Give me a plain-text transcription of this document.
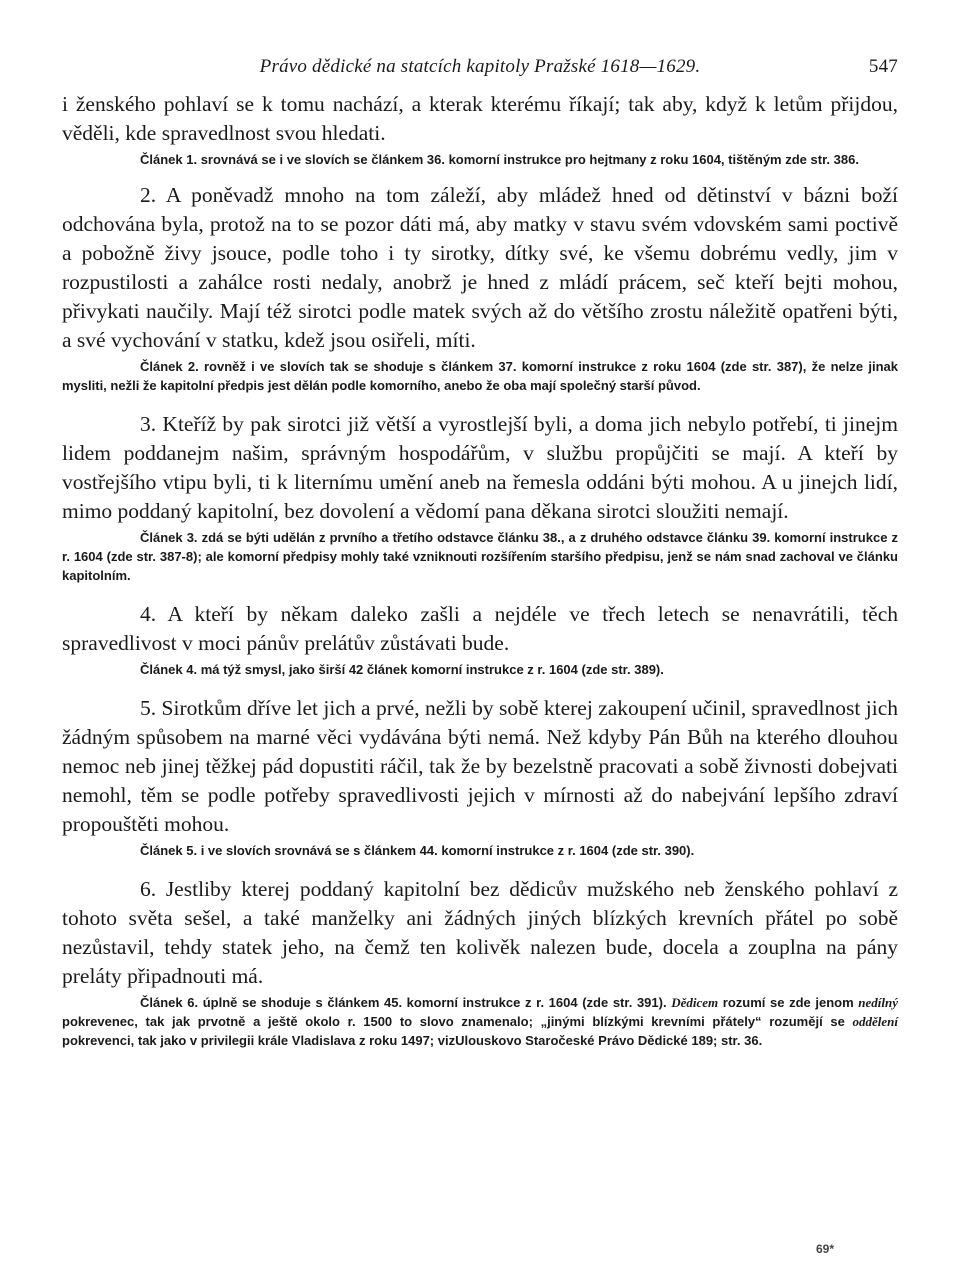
Právo dědické na statcích kapitoly Pražské 1618—1629.	547

i ženského pohlaví se k tomu nachází, a kterak kterému říkají; tak aby, když k letům přijdou, věděli, kde spravedlnost svou hledati.

Článek 1. srovnává se i ve slovích se článkem 36. komorní instrukce pro hejtmany z roku 1604, tištěným zde str. 386.

2. A poněvadž mnoho na tom záleží, aby mládež hned od dětinství v bázni boží odchována byla, protož na to se pozor dáti má, aby matky v stavu svém vdovském sami poctivě a pobožně živy jsouce, podle toho i ty sirotky, dítky své, ke všemu dobrému vedly, jim v rozpustilosti a zahálce rosti nedaly, anobrž je hned z mládí prácem, seč kteří bejti mohou, přivykati naučily. Mají též sirotci podle matek svých až do většího zrostu náležitě opatřeni býti, a své vychování v statku, kdež jsou osiřeli, míti.

Článek 2. rovněž i ve slovích tak se shoduje s článkem 37. komorní instrukce z roku 1604 (zde str. 387), že nelze jinak mysliti, nežli že kapitolní předpis jest dělán podle komorního, anebo že oba mají společný starší původ.

3. Kteříž by pak sirotci již větší a vyrostlejší byli, a doma jich nebylo potřebí, ti jinejm lidem poddanejm našim, správným hospodářům, v službu propůjčiti se mají. A kteří by vostřejšího vtipu byli, ti k liternímu umění aneb na řemesla oddáni býti mohou. A u jinejch lidí, mimo poddaný kapitolní, bez dovolení a vědomí pana děkana sirotci sloužiti nemají.

Článek 3. zdá se býti udělán z prvního a třetího odstavce článku 38., a z druhého odstavce článku 39. komorní instrukce z r. 1604 (zde str. 387-8); ale komorní předpisy mohly také vzniknouti rozšířením staršího předpisu, jenž se nám snad zachoval ve článku kapitolním.

4. A kteří by někam daleko zašli a nejdéle ve třech letech se nenavrátili, těch spravedlivost v moci pánův prelátův zůstávati bude.

Článek 4. má týž smysl, jako širší 42 článek komorní instrukce z r. 1604 (zde str. 389).

5. Sirotkům dříve let jich a prvé, nežli by sobě kterej zakoupení učinil, spravedlnost jich žádným spůsobem na marné věci vydávána býti nemá. Než kdyby Pán Bůh na kterého dlouhou nemoc neb jinej těžkej pád dopustiti ráčil, tak že by bezelstně pracovati a sobě živnosti dobejvati nemohl, těm se podle potřeby spravedlivosti jejich v mírnosti až do nabejvání lepšího zdraví propouštěti mohou.

Článek 5. i ve slovích srovnává se s článkem 44. komorní instrukce z r. 1604 (zde str. 390).

6. Jestliby kterej poddaný kapitolní bez dědicův mužského neb ženského pohlaví z tohoto světa sešel, a také manželky ani žádných jiných blízkých krevních přátel po sobě nezůstavil, tehdy statek jeho, na čemž ten kolivěk nalezen bude, docela a zouplna na pány preláty připadnouti má.

Článek 6. úplně se shoduje s článkem 45. komorní instrukce z r. 1604 (zde str. 391). Dědicem rozumí se zde jenom nedílný pokrevenec, tak jak prvotně a ještě okolo r. 1500 to slovo znamenalo; „jinými blízkými krevními přátely“ rozumějí se oddělení pokrevenci, tak jako v privilegii krále Vladislava z roku 1497; vizUlouskovo Staročeské Právo Dědické 189; str. 36.

69*
